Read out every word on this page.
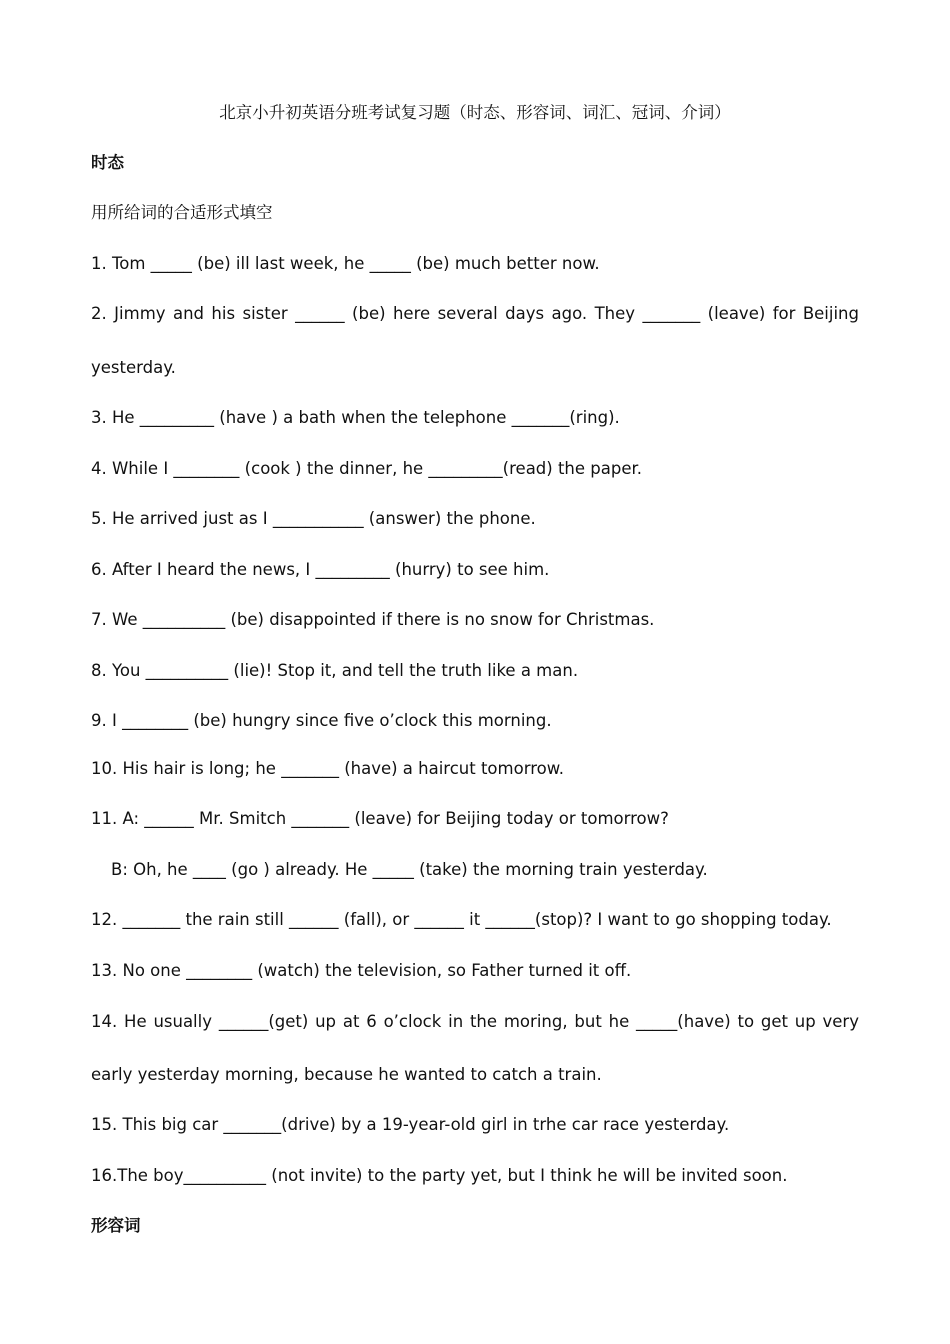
北京小升初英语分班考试复习题（时态、形容词、词汇、冠词、介词）
时态
用所给词的合适形式填空
1. Tom _____ (be) ill last week, he _____ (be) much better now.
2. Jimmy and his sister ______ (be) here several days ago. They _______ (leave) for Beijing
yesterday.
3. He _________ (have ) a bath when the telephone _______(ring).
4. While I ________ (cook ) the dinner, he _________(read) the paper.
5. He arrived just as I ___________ (answer) the phone.
6. After I heard the news, I _________ (hurry) to see him.
7. We __________ (be) disappointed if there is no snow for Christmas.
8. You __________ (lie)! Stop it, and tell the truth like a man.
9. I ________ (be) hungry since five o’clock this morning.
10. His hair is long; he _______ (have) a haircut tomorrow.
11. A: ______ Mr. Smitch _______ (leave) for Beijing today or tomorrow?
B: Oh, he ____ (go ) already. He _____ (take) the morning train yesterday.
12. _______ the rain still ______ (fall), or ______ it ______(stop)? I want to go shopping today.
13. No one ________ (watch) the television, so Father turned it off.
14. He usually ______(get) up at 6 o’clock in the moring, but he _____(have) to get up very
early yesterday morning, because he wanted to catch a train.
15. This big car _______(drive) by a 19-year-old girl in trhe car race yesterday.
16.The boy__________ (not invite) to the party yet, but I think he will be invited soon.
形容词
